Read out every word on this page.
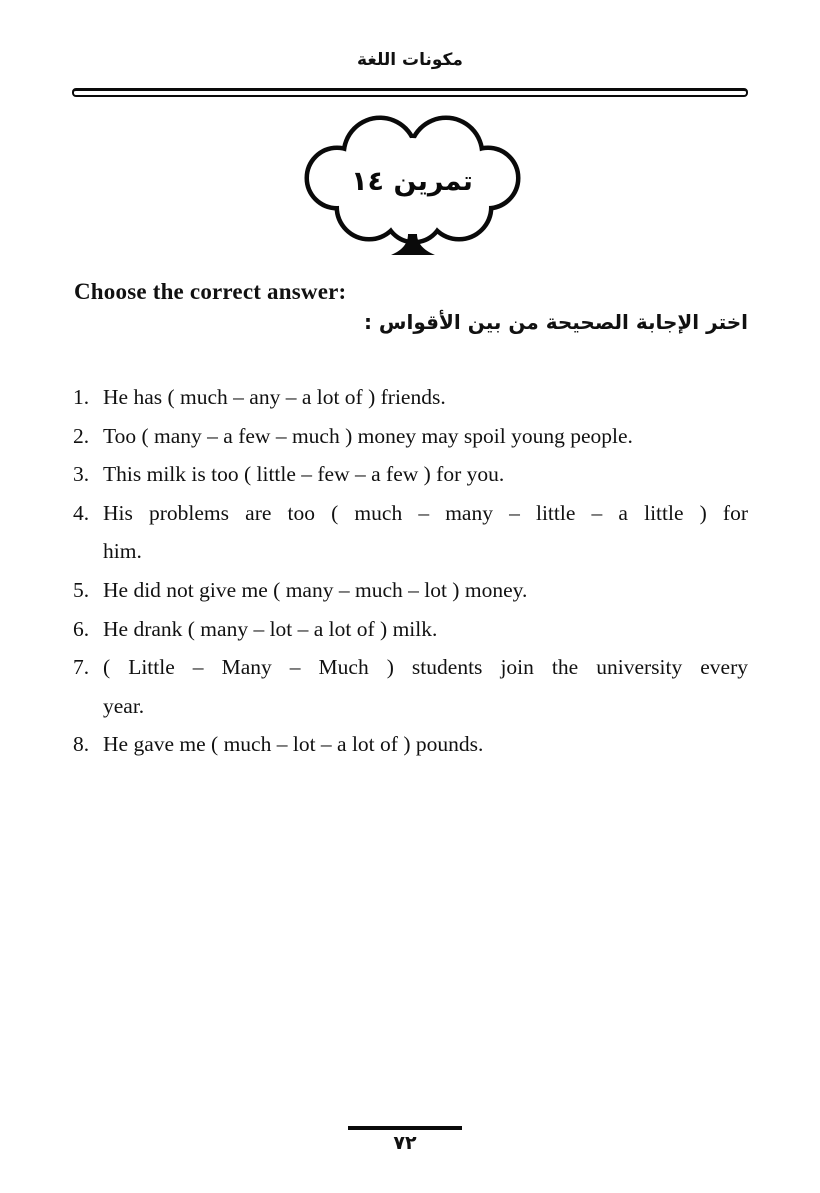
مكونات اللغة
تمرين ١٤
Choose the correct answer:
اختر الإجابة الصحيحة من بين الأقواس :
1. He has ( much – any – a lot of ) friends.
2. Too ( many – a few – much ) money may spoil young people.
3. This milk is too ( little – few – a few ) for you.
4. His problems are too ( much – many – little – a little ) for
him.
5. He did not give me ( many – much – lot ) money.
6. He drank ( many – lot – a lot of ) milk.
7. ( Little – Many – Much ) students join the university every
year.
8. He gave me ( much – lot – a lot of ) pounds.
٧٢
